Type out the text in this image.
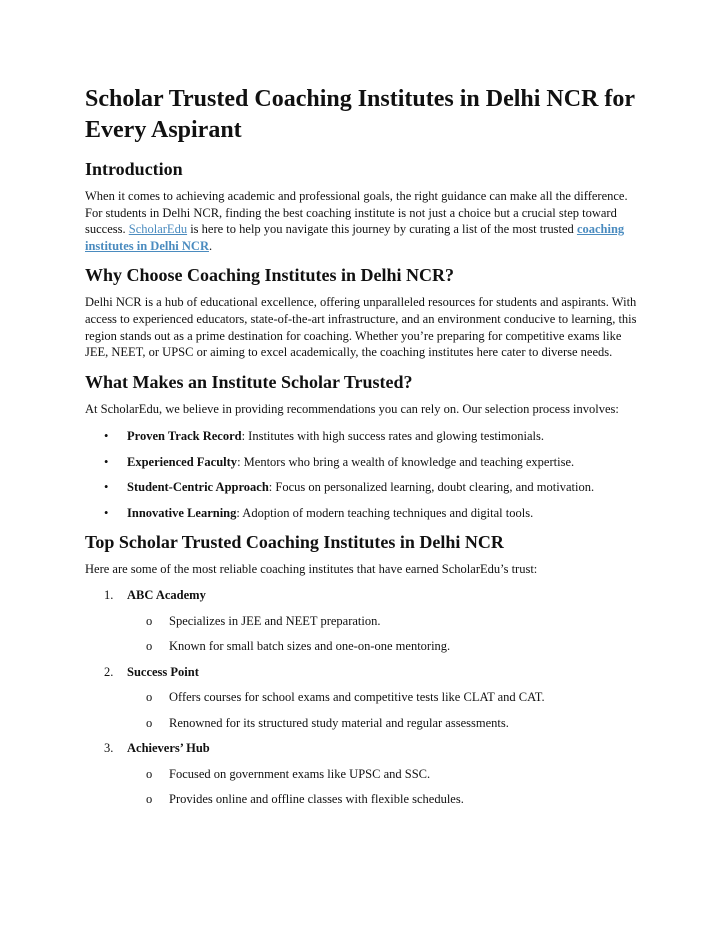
Scholar Trusted Coaching Institutes in Delhi NCR for Every Aspirant
Introduction

When it comes to achieving academic and professional goals, the right guidance can make all the difference. For students in Delhi NCR, finding the best coaching institute is not just a choice but a crucial step toward success. ScholarEdu is here to help you navigate this journey by curating a list of the most trusted coaching institutes in Delhi NCR.

Why Choose Coaching Institutes in Delhi NCR?

Delhi NCR is a hub of educational excellence, offering unparalleled resources for students and aspirants. With access to experienced educators, state-of-the-art infrastructure, and an environment conducive to learning, this region stands out as a prime destination for coaching. Whether you’re preparing for competitive exams like JEE, NEET, or UPSC or aiming to excel academically, the coaching institutes here cater to diverse needs.

What Makes an Institute Scholar Trusted?

At ScholarEdu, we believe in providing recommendations you can rely on. Our selection process involves:

• Proven Track Record: Institutes with high success rates and glowing testimonials.
• Experienced Faculty: Mentors who bring a wealth of knowledge and teaching expertise.
• Student-Centric Approach: Focus on personalized learning, doubt clearing, and motivation.
• Innovative Learning: Adoption of modern teaching techniques and digital tools.
Top Scholar Trusted Coaching Institutes in Delhi NCR

Here are some of the most reliable coaching institutes that have earned ScholarEdu’s trust:

1. ABC Academy
o Specializes in JEE and NEET preparation.
o Known for small batch sizes and one-on-one mentoring.
2. Success Point
o Offers courses for school exams and competitive tests like CLAT and CAT.
o Renowned for its structured study material and regular assessments.
3. Achievers’ Hub
o Focused on government exams like UPSC and SSC.
o Provides online and offline classes with flexible schedules.
